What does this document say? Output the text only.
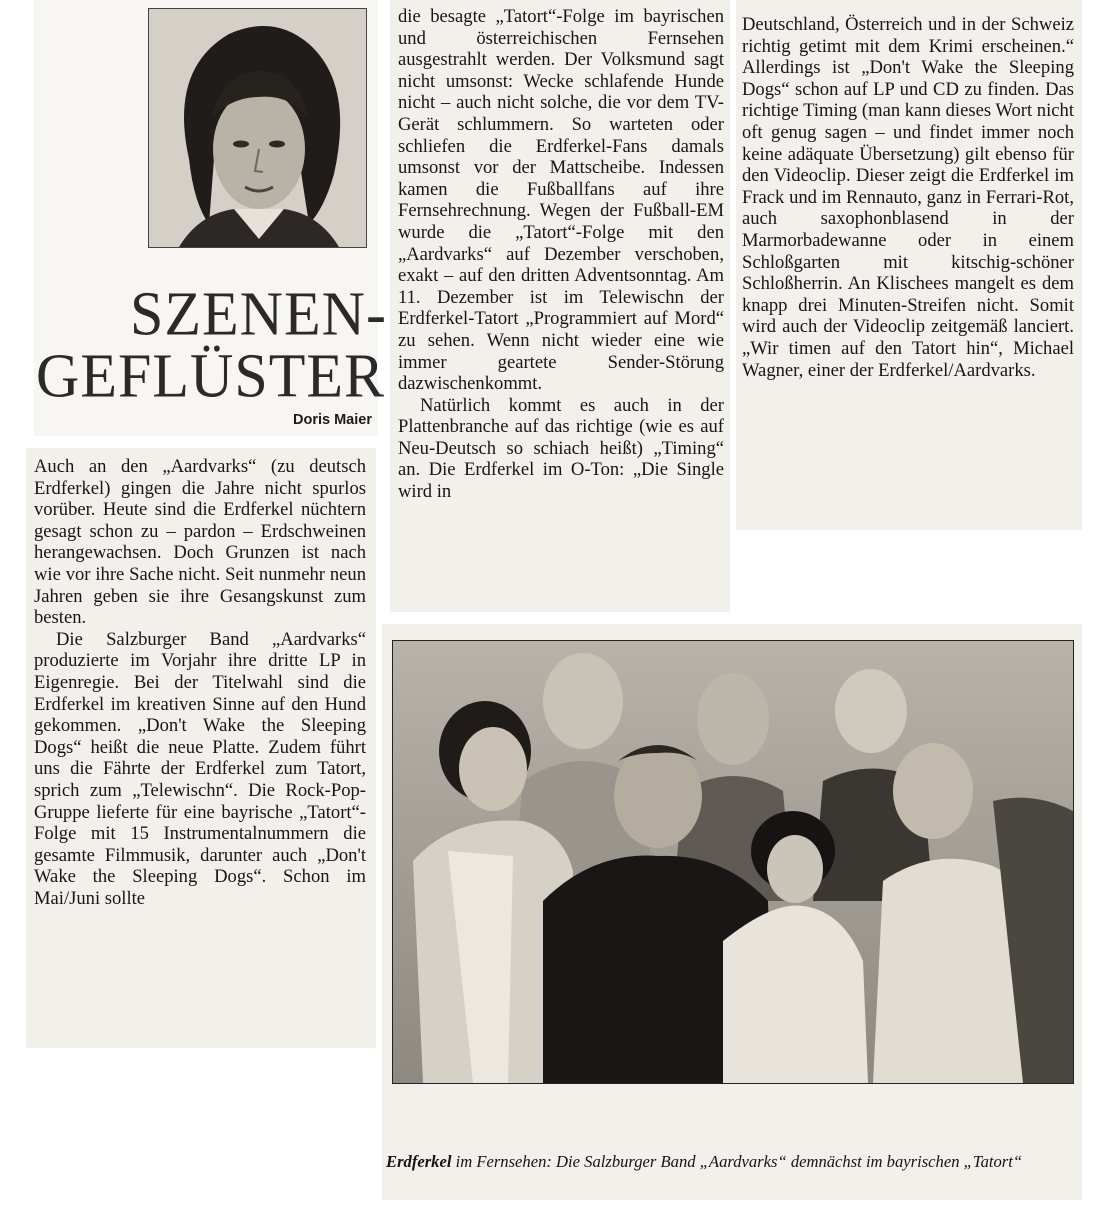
SZENEN-
GEFLÜSTER
Doris Maier

Auch an den „Aardvarks“ (zu deutsch Erdferkel) gingen die Jahre nicht spurlos vorüber. Heute sind die Erdferkel nüchtern gesagt schon zu – pardon – Erdschweinen herangewachsen. Doch Grunzen ist nach wie vor ihre Sache nicht. Seit nunmehr neun Jahren geben sie ihre Gesangskunst zum besten.

Die Salzburger Band „Aardvarks“ produzierte im Vorjahr ihre dritte LP in Eigenregie. Bei der Titelwahl sind die Erdferkel im kreativen Sinne auf den Hund gekommen. „Don't Wake the Sleeping Dogs“ heißt die neue Platte. Zudem führt uns die Fährte der Erdferkel zum Tatort, sprich zum „Telewischn“. Die Rock-Pop-Gruppe lieferte für eine bayrische „Tatort“-Folge mit 15 Instrumentalnummern die gesamte Filmmusik, darunter auch „Don't Wake the Sleeping Dogs“. Schon im Mai/Juni sollte

die besagte „Tatort“-Folge im bayrischen und österreichischen Fernsehen ausgestrahlt werden. Der Volksmund sagt nicht umsonst: Wecke schlafende Hunde nicht – auch nicht solche, die vor dem TV-Gerät schlummern. So warteten oder schliefen die Erdferkel-Fans damals umsonst vor der Mattscheibe. Indessen kamen die Fußballfans auf ihre Fernsehrechnung. Wegen der Fußball-EM wurde die „Tatort“-Folge mit den „Aardvarks“ auf Dezember verschoben, exakt – auf den dritten Adventsonntag. Am 11. Dezember ist im Telewischn der Erdferkel-Tatort „Programmiert auf Mord“ zu sehen. Wenn nicht wieder eine wie immer geartete Sender-Störung dazwischenkommt.

Natürlich kommt es auch in der Plattenbranche auf das richtige (wie es auf Neu-Deutsch so schiach heißt) „Timing“ an. Die Erdferkel im O-Ton: „Die Single wird in

Deutschland, Österreich und in der Schweiz richtig getimt mit dem Krimi erscheinen.“ Allerdings ist „Don't Wake the Sleeping Dogs“ schon auf LP und CD zu finden. Das richtige Timing (man kann dieses Wort nicht oft genug sagen – und findet immer noch keine adäquate Übersetzung) gilt ebenso für den Videoclip. Dieser zeigt die Erdferkel im Frack und im Rennauto, ganz in Ferrari-Rot, auch saxophonblasend in der Marmorbadewanne oder in einem Schloßgarten mit kitschig-schöner Schloßherrin. An Klischees mangelt es dem knapp drei Minuten-Streifen nicht. Somit wird auch der Videoclip zeitgemäß lanciert. „Wir timen auf den Tatort hin“, Michael Wagner, einer der Erdferkel/Aardvarks.

Erdferkel im Fernsehen: Die Salzburger Band „Aardvarks“ demnächst im bayrischen „Tatort“
